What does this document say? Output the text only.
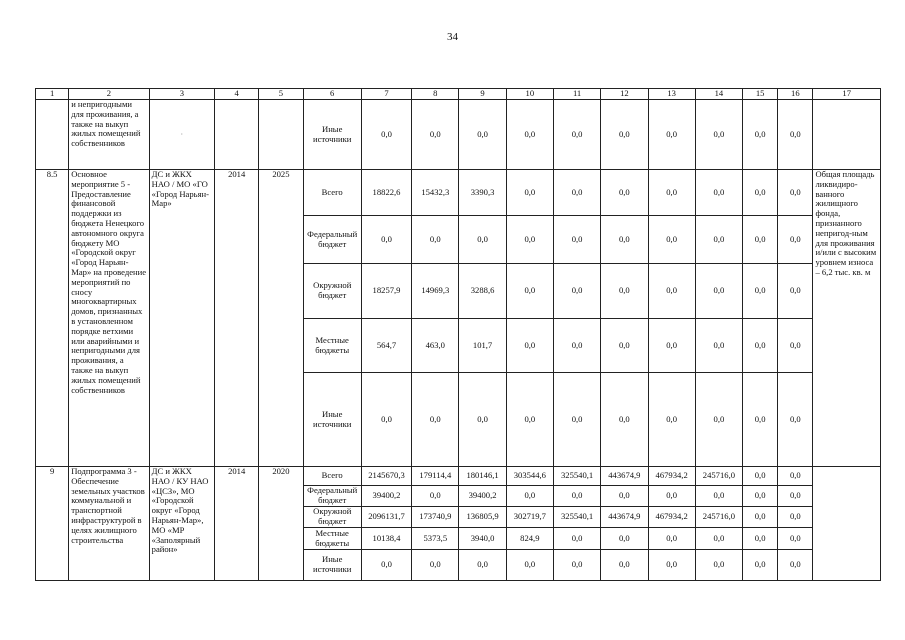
34
1	2	3	4	5	6	7	8	9	10	11	12	13	14	15	16	17
	и непригодными для проживания, а также на выкуп жилых помещений собственников	·			Иные источники	0,0	0,0	0,0	0,0	0,0	0,0	0,0	0,0	0,0	0,0	
8.5	Основное мероприятие 5 - Предоставление финансовой поддержки из бюджета Ненецкого автономного округа бюджету МО «Городской округ «Город Нарьян-Мар» на проведение мероприятий по сносу многоквартирных домов, признанных в установленном порядке ветхими или аварийными и непригодными для проживания, а также на выкуп жилых помещений собственников	ДС и ЖКХ НАО / МО «ГО «Город Нарьян-Мар»	2014	2025	Всего	18822,6	15432,3	3390,3	0,0	0,0	0,0	0,0	0,0	0,0	0,0	Общая площадь ликвидиро-ванного жилищного фонда, признанного непригод-ным для проживания и/или с высоким уровнем износа – 6,2 тыс. кв. м
					Федеральный бюджет	0,0	0,0	0,0	0,0	0,0	0,0	0,0	0,0	0,0	0,0	
					Окружной бюджет	18257,9	14969,3	3288,6	0,0	0,0	0,0	0,0	0,0	0,0	0,0	
					Местные бюджеты	564,7	463,0	101,7	0,0	0,0	0,0	0,0	0,0	0,0	0,0	
					Иные источники	0,0	0,0	0,0	0,0	0,0	0,0	0,0	0,0	0,0	0,0	
9	Подпрограмма 3 - Обеспечение земельных участков коммунальной и транспортной инфраструктурой в целях жилищного строительства	ДС и ЖКХ НАО / КУ НАО «ЦСЗ», МО «Городской округ «Город Нарьян-Мар», МО «МР «Заполярный район»	2014	2020	Всего	2145670,3	179114,4	180146,1	303544,6	325540,1	443674,9	467934,2	245716,0	0,0	0,0	
					Федеральный бюджет	39400,2	0,0	39400,2	0,0	0,0	0,0	0,0	0,0	0,0	0,0	
					Окружной бюджет	2096131,7	173740,9	136805,9	302719,7	325540,1	443674,9	467934,2	245716,0	0,0	0,0	
					Местные бюджеты	10138,4	5373,5	3940,0	824,9	0,0	0,0	0,0	0,0	0,0	0,0	
					Иные источники	0,0	0,0	0,0	0,0	0,0	0,0	0,0	0,0	0,0	0,0	
